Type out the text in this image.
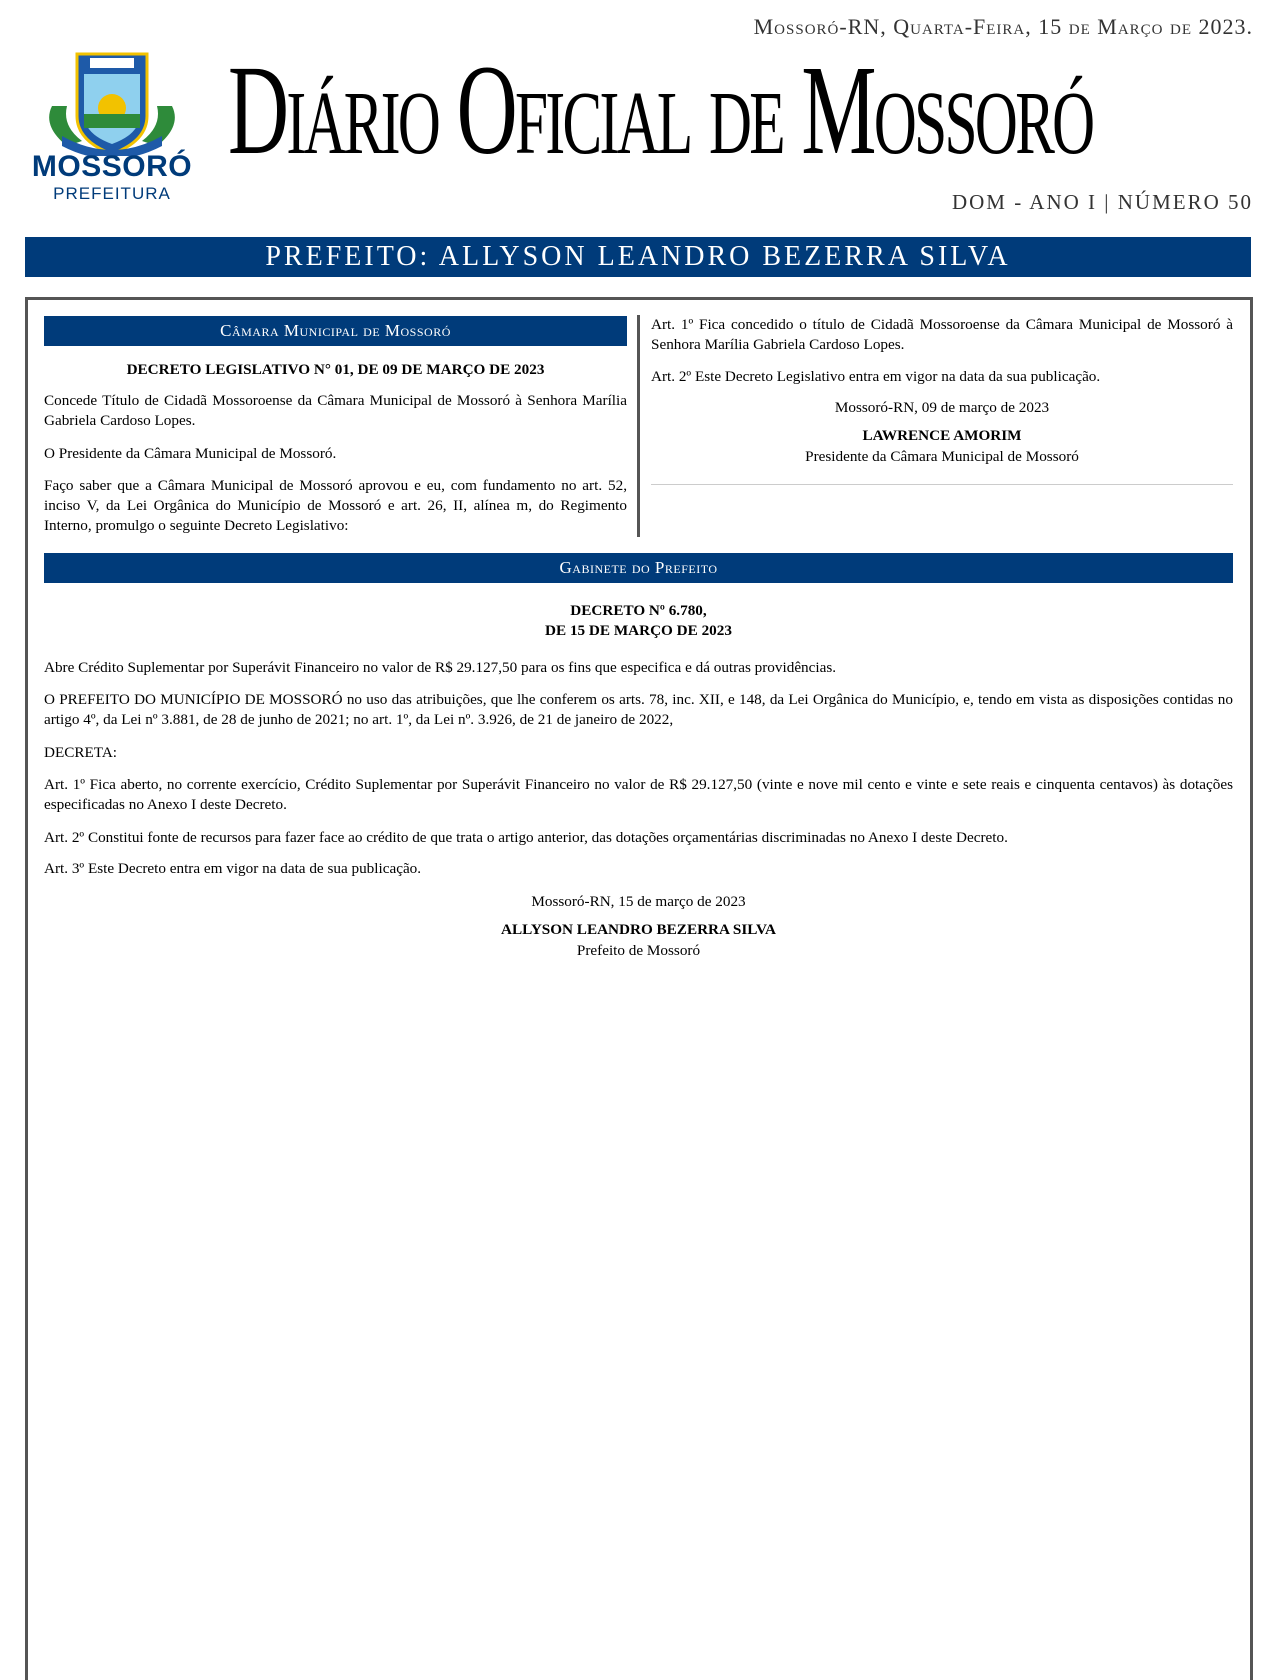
Mossoró-RN, Quarta-Feira, 15 de Março de 2023.
MOSSORÓ
PREFEITURA
Diário Oficial de Mossoró
DOM - ANO I | NÚMERO 50
PREFEITO: ALLYSON LEANDRO BEZERRA SILVA
Câmara Municipal de Mossoró

DECRETO LEGISLATIVO N° 01, DE 09 DE MARÇO DE 2023

Concede Título de Cidadã Mossoroense da Câmara Municipal de Mossoró à Senhora Marília Gabriela Cardoso Lopes.

O Presidente da Câmara Municipal de Mossoró.

Faço saber que a Câmara Municipal de Mossoró aprovou e eu, com fundamento no art. 52, inciso V, da Lei Orgânica do Município de Mossoró e art. 26, II, alínea m, do Regimento Interno, promulgo o seguinte Decreto Legislativo:

Art. 1º Fica concedido o título de Cidadã Mossoroense da Câmara Municipal de Mossoró à Senhora Marília Gabriela Cardoso Lopes.

Art. 2º Este Decreto Legislativo entra em vigor na data da sua publicação.

Mossoró-RN, 09 de março de 2023

LAWRENCE AMORIM

Presidente da Câmara Municipal de Mossoró

Gabinete do Prefeito

DECRETO Nº 6.780,

DE 15 DE MARÇO DE 2023

Abre Crédito Suplementar por Superávit Financeiro no valor de R$ 29.127,50 para os fins que especifica e dá outras providências.

O PREFEITO DO MUNICÍPIO DE MOSSORÓ no uso das atribuições, que lhe conferem os arts. 78, inc. XII, e 148, da Lei Orgânica do Município, e, tendo em vista as disposições contidas no artigo 4º, da Lei nº 3.881, de 28 de junho de 2021; no art. 1º, da Lei nº. 3.926, de 21 de janeiro de 2022,

DECRETA:

Art. 1º Fica aberto, no corrente exercício, Crédito Suplementar por Superávit Financeiro no valor de R$ 29.127,50 (vinte e nove mil cento e vinte e sete reais e cinquenta centavos) às dotações especificadas no Anexo I deste Decreto.

Art. 2º Constitui fonte de recursos para fazer face ao crédito de que trata o artigo anterior, das dotações orçamentárias discriminadas no Anexo I deste Decreto.

Art. 3º Este Decreto entra em vigor na data de sua publicação.

Mossoró-RN, 15 de março de 2023

ALLYSON LEANDRO BEZERRA SILVA

Prefeito de Mossoró
